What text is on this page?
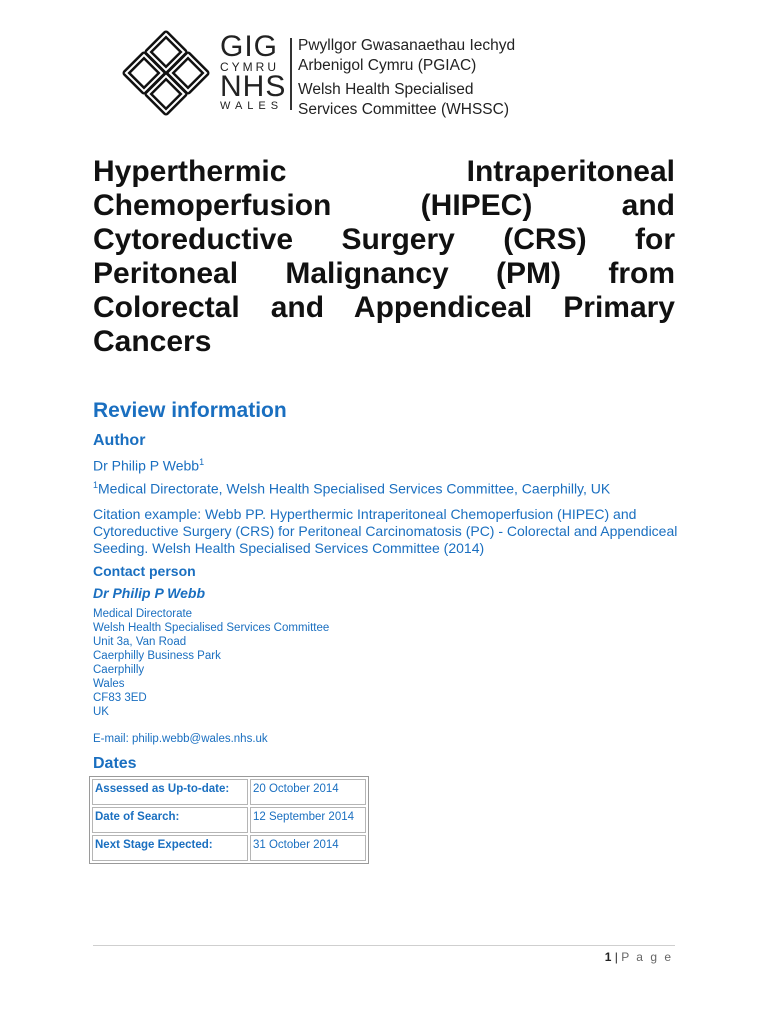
GIG
CYMRU
NHS
WALES
Pwyllgor Gwasanaethau Iechyd
Arbenigol Cymru (PGIAC)
Welsh Health Specialised
Services Committee (WHSSC)
Hyperthermic Intraperitoneal Chemoperfusion (HIPEC) and Cytoreductive Surgery (CRS) for Peritoneal Malignancy (PM) from Colorectal and Appendiceal Primary Cancers
Review information
Author
Dr Philip P Webb$^1$
$^1$Medical Directorate, Welsh Health Specialised Services Committee, Caerphilly, UK
Citation example: Webb PP. Hyperthermic Intraperitoneal Chemoperfusion (HIPEC) and Cytoreductive Surgery (CRS) for Peritoneal Carcinomatosis (PC) - Colorectal and Appendiceal Seeding. Welsh Health Specialised Services Committee (2014)
Contact person
Dr Philip P Webb
Medical Directorate
Welsh Health Specialised Services Committee
Unit 3a, Van Road
Caerphilly Business Park
Caerphilly
Wales
CF83 3ED
UK
E-mail: philip.webb@wales.nhs.uk
Dates
Assessed as Up-to-date:	20 October 2014
Date of Search:	12 September 2014
Next Stage Expected:	31 October 2014
1 | P a g e
